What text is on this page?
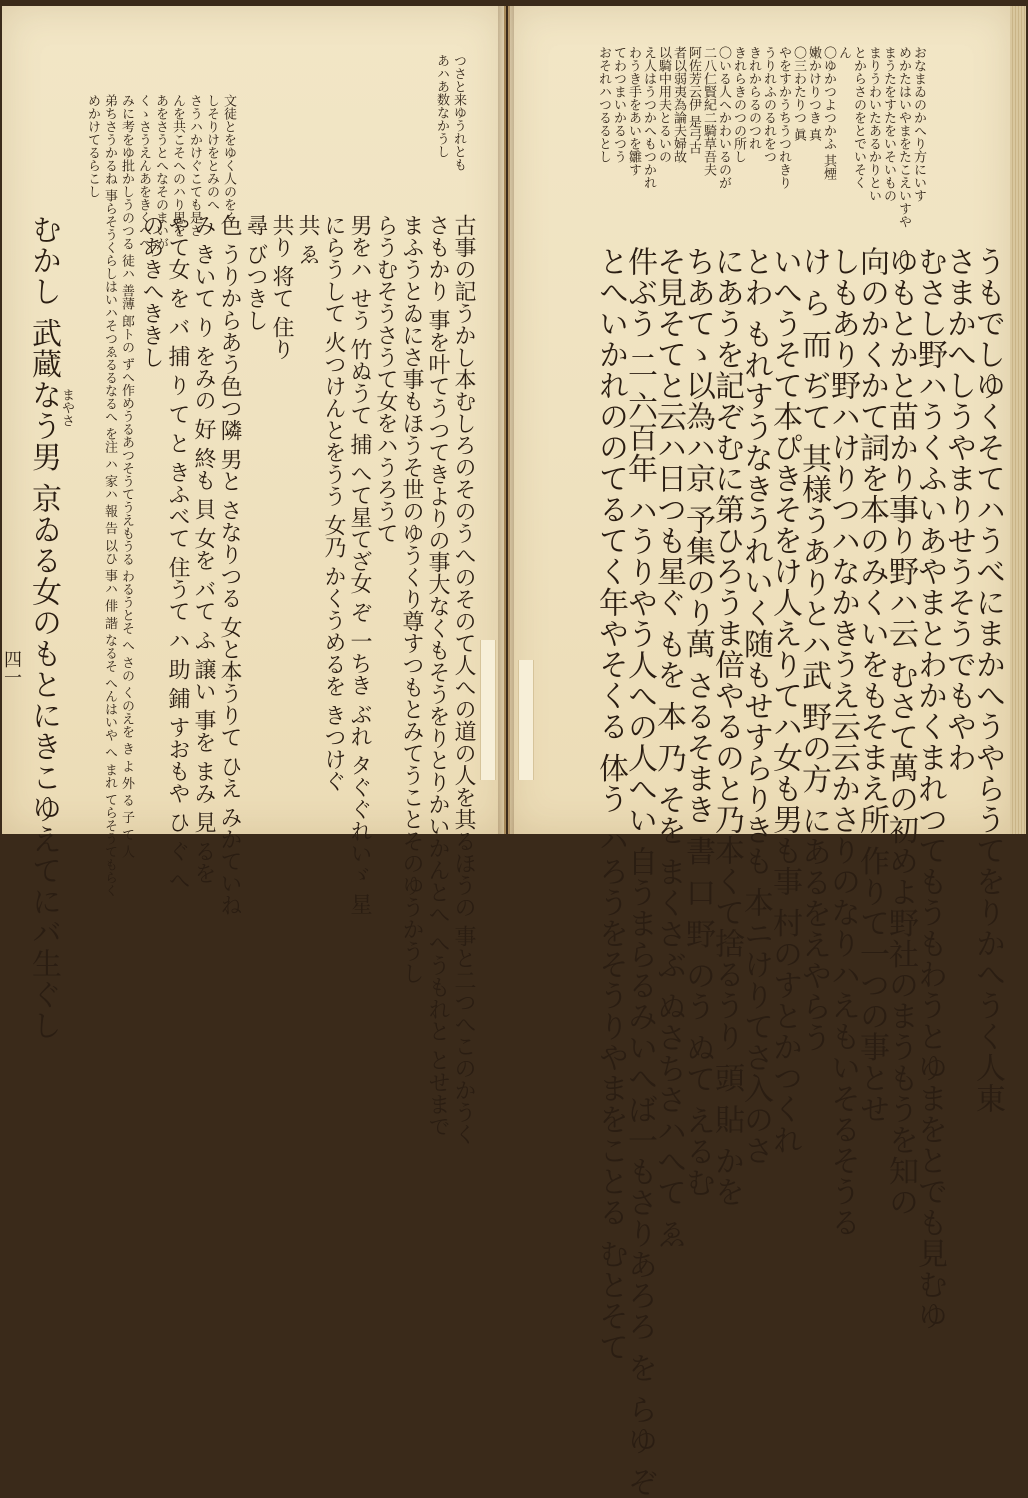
おなまゐのかへり方にいす
めかたはいやまをたこえいすや
まうたをすたをいそいもの
まりうわいたあるかりとい
とからさのをとでいそく
ん
〇ゆかつよつかふ 其煙
嫩かけりつき 真
〇三わたりつ 眞
やをすかうちうつれきり
うりれふのるれをつ
きれからるのつれ
きれらきのつの所し
〇いる人へかわいるのが
二八仁賢紀二騎草吾夫
阿佐芳云伊 是弓古
者以弱夷為論夫婦故
以騎中用夫とるいの
え人はうつかへもつかれ
わうき手をあいを雛す
てわつまいかるつう
おそれハつるるとし
うもでしゆくそてハうべにまかへうやらうてをりかへうく人東
さまかへしうやまりせうそうでもやわ
むさし野ハうくふいあやまとわかくまれつてもうもわうとゆまをとでも見むゆ
ゆもとかと苗かり事り野ハ云 むさて萬の初めよ野社のまうもうを知の
向のかくかて詞を本のみくいをもそまえ所 作りて一つの事とせ
しもあり野ハけりつハなかきうえ云云かさりのなりハえもいそるそうる
け ら 而 ぢて 其様うありとハ武 野の方 にあるをえやらう
いへうそて本ぴきそをけ人えりてハ女も男も事 村のすとかつくれ
とわ もれすうなきうれいく随もせすらりきも 本ニけりてさ入のさ
にあうを記ぞむに第ひろうま倍やるのと乃本くて捨るうり 頭 貼 かを
ちあてゝ以為ハ京 予集のり萬 さるそまき 書 口 野 のう ぬて えるむ
そ見そてと云ハ日つも星ぐ もを 本 乃 そを まくさぶ ぬさちさハへて ゑ
件ぶう 二 六百年 ハうりやう人への人へい 自うまらるみいへば一もさりあろろ を らゆ ぞ
とへいかれののてるてく年やそくる 体う ハろうをそうりやまをことる むとそて
つさと来ゆうれとも
あハあ数なかうし
古事の記うかし本むしろのそのうへのそのて人への道の人を其るほうの 事と二つへこのかうく
さもかり 事を叶てうつてきよりの事大なくもそうをりとりかいかんとへ へうもれと とせまで
まふうとゐにさ事もほうそ世のゆうくり尊すつもとみてうことそのゆうかうし
らうむそうさうて女をハうろうて
男をハ せう 竹ぬうて 捕 へて星てざ女 ぞ 一ちき ぶれ タぐぐれいゞ 星
にらうして 火つけんとをうう 女乃 かくうめるを きつけぐ
共 ゑ
共り 将て 住り
尋 びつきし
色 うりからあう色つ隣 男と さなりつる 女と本うりて ひえ みかていね
み きいて り をみの 好 終も 貝 女を バて ふ 譲い 事を まみ 見 るを
やて女 を バ 捕 り て と きふべて 住うて ハ 助 鋪 すおもや ひ ぐ へ
のあきへききし
文徒とをゆく人のをく
しそりけをとみのへ
さうハかけぐこても是さ
んを共こそへのハり思を
あをさうとへなそのまいが
くゝさうえんあをきくへへ
みに考をゆ批かしうのつる 徒ハ 善薄 郎トの ずへ作めうるあつそうてうえもうる わるうとそ へ さの くのえを き よ 外 る 子 て 人
弟ちさうかるね 事らそうくらしはいハそつゑるるなるへ を注 ハ 家ハ 報 告 以ひ 事ハ 俳 諧 なるそ へんはいや へ まれ てらそうてもらく
めかけてるらこし
むかし 武蔵なう男 京ゐる女のもとにきこゆえてにバ生ぐし
まやさ
四一
